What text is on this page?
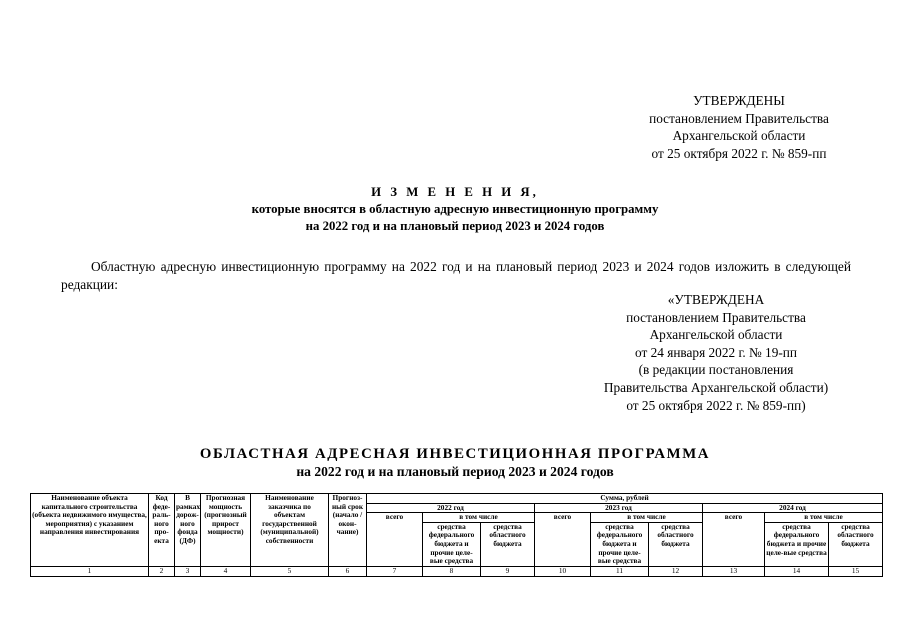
УТВЕРЖДЕНЫ
постановлением Правительства
Архангельской области
от 25 октября 2022 г. № 859-пп
И З М Е Н Е Н И Я,
которые вносятся в областную адресную инвестиционную программу
на 2022 год и на плановый период 2023 и 2024 годов
Областную адресную инвестиционную программу на 2022 год и на плановый период 2023 и 2024 годов изложить в следующей редакции:
«УТВЕРЖДЕНА
постановлением Правительства
Архангельской области
от 24 января 2022 г. № 19-пп
(в редакции постановления
Правительства Архангельской области)
от 25 октября 2022 г. № 859-пп)
ОБЛАСТНАЯ АДРЕСНАЯ ИНВЕСТИЦИОННАЯ ПРОГРАММА
на 2022 год и на плановый период 2023 и 2024 годов
Наименование объекта капитального строительства (объекта недвижимого имущества, мероприятия) с указанием направления инвестирования	Код феде-раль-ного про-екта	В рамках дорож-ного фонда (ДФ)	Прогнозная мощность (прогнозный прирост мощности)	Наименование заказчика по объектам государственной (муниципальной) собственности	Прогноз-ный срок (начало /окон-чание)	Сумма, рублей								
						2022 год			2023 год			2024 год		
						всего	в том числе		всего	в том числе		всего	в том числе	
							средства федерального бюджета и прочие целе-вые средства	средства областного бюджета		средства федерального бюджета и прочие целе-вые средства	средства областного бюджета		средства федерального бюджета и прочие целе-вые средства	средства областного бюджета
1	2	3	4	5	6	7	8	9	10	11	12	13	14	15
